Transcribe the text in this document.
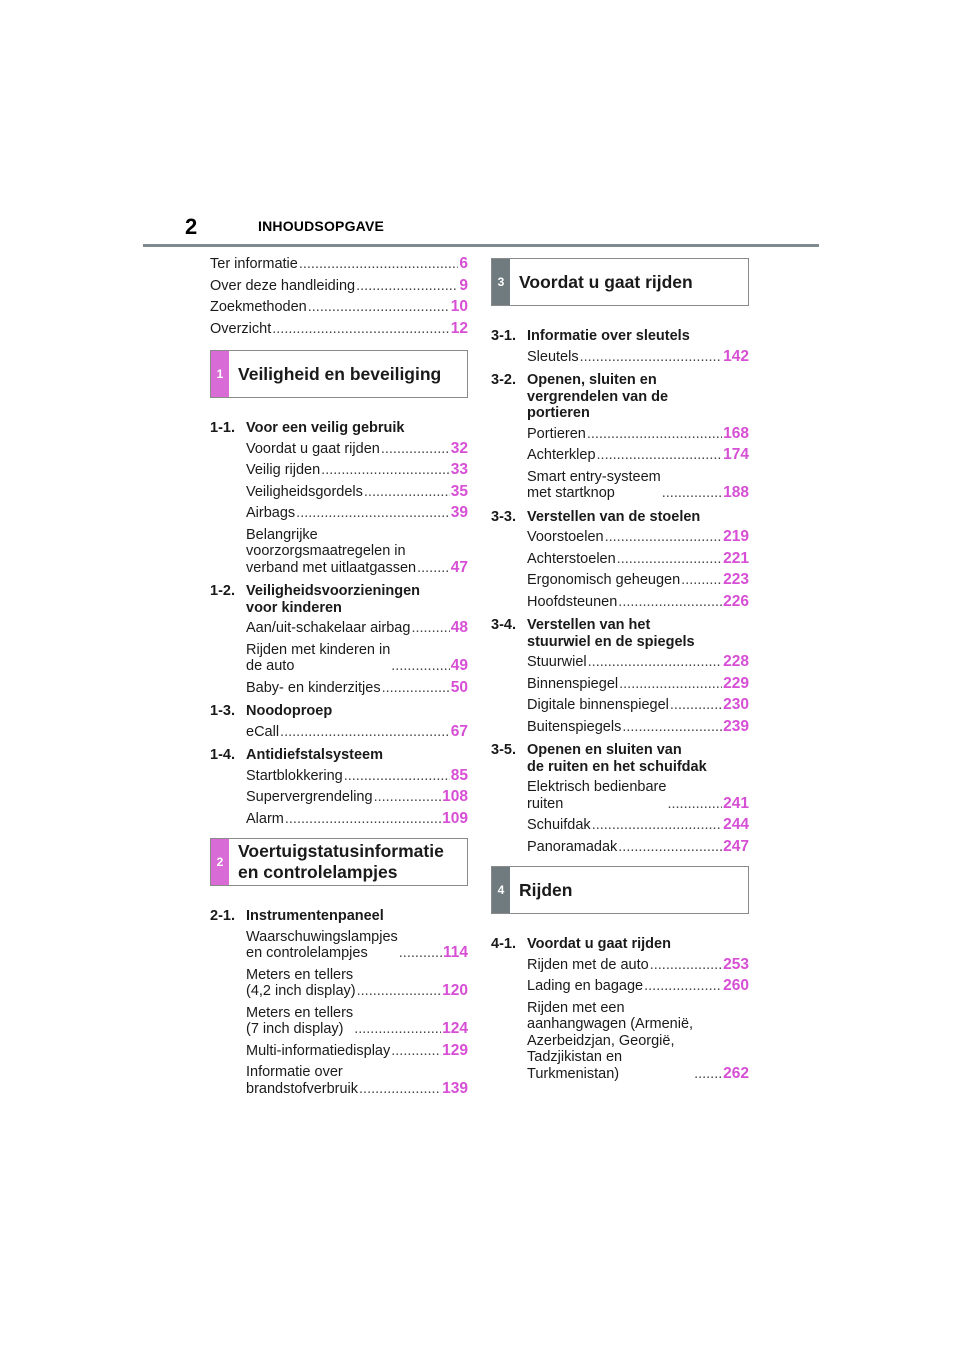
2	INHOUDSOPGAVE
Ter informatie .....	6
Over deze handleiding .....	9
Zoekmethoden .....	10
Overzicht .....	12
1 Veiligheid en beveiliging
1-1. Voor een veilig gebruik
Voordat u gaat rijden .....	32
Veilig rijden .....	33
Veiligheidsgordels .....	35
Airbags .....	39
Belangrijke
voorzorgsmaatregelen in
verband met uitlaatgassen ..... 47
1-2. Veiligheidsvoorzieningen
voor kinderen
Aan/uit-schakelaar airbag .....	48
Rijden met kinderen in
de auto .....	49
Baby- en kinderzitjes .....	50
1-3. Noodoproep
eCall .....	67
1-4. Antidiefstalsysteem
Startblokkering .....	85
Supervergrendeling .....	108
Alarm .....	109
2
Voertuigstatusinformatie
en controlelampjes
2-1. Instrumentenpaneel
Waarschuwingslampjes
en controlelampjes .....	114
Meters en tellers
(4,2 inch display) .....	120
Meters en tellers
(7 inch display) .....	124
Multi-informatiedisplay .....	129
Informatie over
brandstofverbruik .....	139
3 Voordat u gaat rijden
3-1. Informatie over sleutels
Sleutels .....	142
3-2. Openen, sluiten en
vergrendelen van de
portieren
Portieren .....	168
Achterklep .....	174
Smart entry-systeem
met startknop .....	188
3-3. Verstellen van de stoelen
Voorstoelen .....	219
Achterstoelen .....	221
Ergonomisch geheugen .....	223
Hoofdsteunen .....	226
3-4. Verstellen van het
stuurwiel en de spiegels
Stuurwiel .....	228
Binnenspiegel .....	229
Digitale binnenspiegel .....	230
Buitenspiegels .....	239
3-5. Openen en sluiten van
de ruiten en het schuifdak
Elektrisch bedienbare
ruiten .....	241
Schuifdak .....	244
Panoramadak .....	247
4 Rijden
4-1. Voordat u gaat rijden
Rijden met de auto .....	253
Lading en bagage .....	260
Rijden met een
aanhangwagen (Armenië,
Azerbeidzjan, Georgië,
Tadzjikistan en
Turkmenistan) .....	262
